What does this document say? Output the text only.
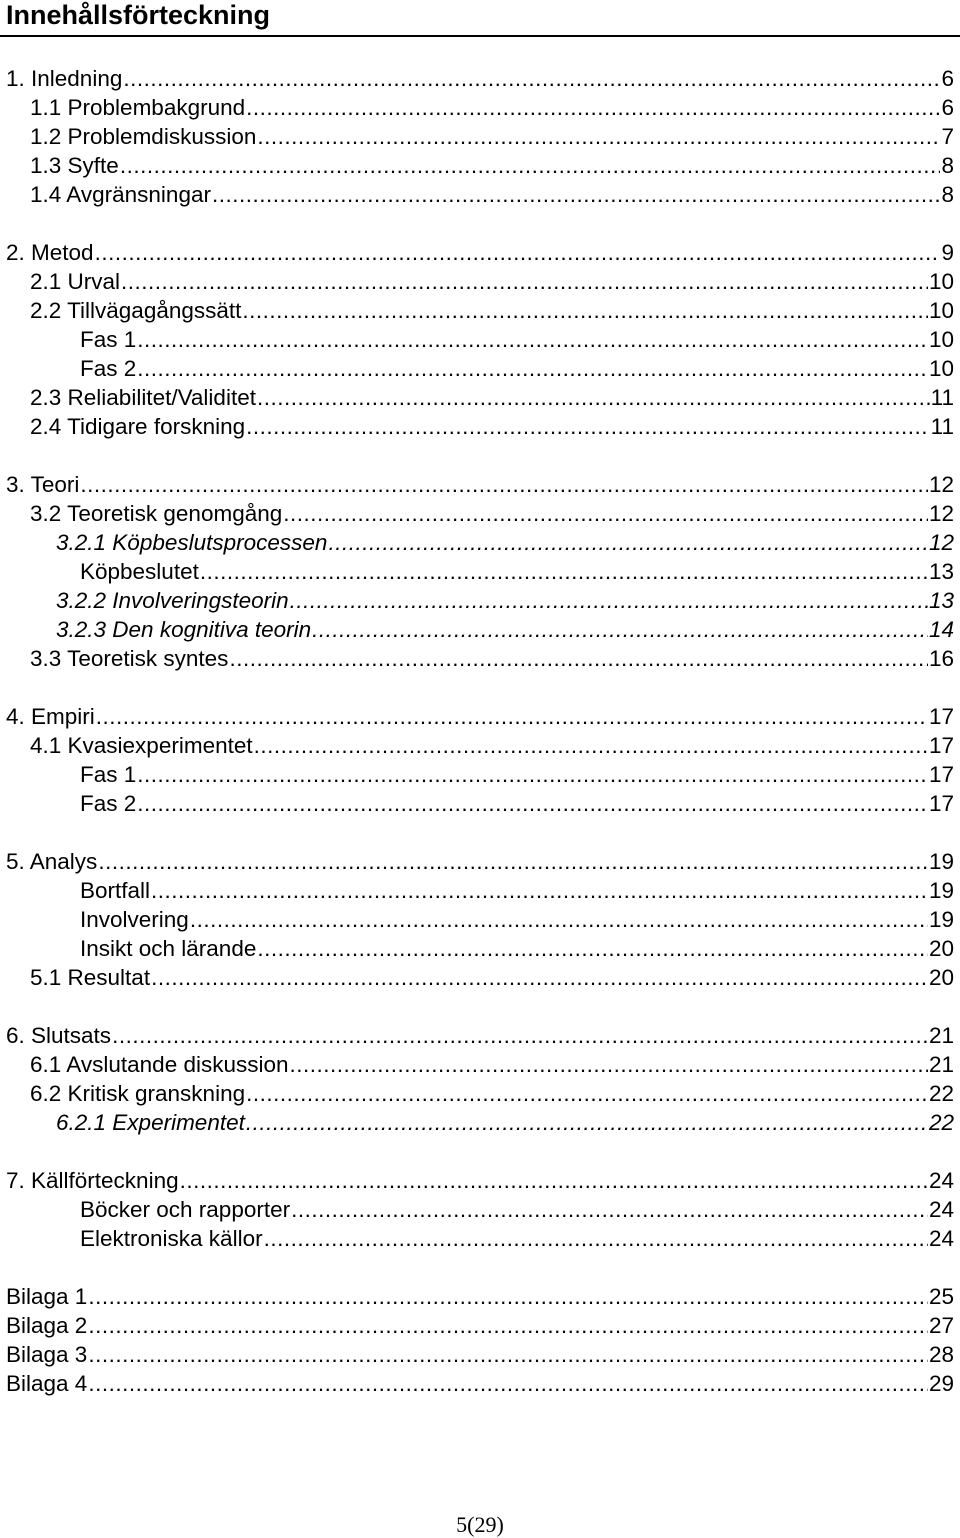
Innehållsförteckning
1. Inledning .....	6
1.1 Problembakgrund .....	6
1.2 Problemdiskussion .....	7
1.3 Syfte .....	8
1.4 Avgränsningar .....	8
2. Metod .....	9
2.1 Urval .....	10
2.2 Tillvägagångssätt .....	10
Fas 1 .....	10
Fas 2 .....	10
2.3 Reliabilitet/Validitet .....	11
2.4 Tidigare forskning .....	11
3. Teori .....	12
3.2 Teoretisk genomgång .....	12
3.2.1 Köpbeslutsprocessen .....	12
Köpbeslutet .....	13
3.2.2 Involveringsteorin .....	13
3.2.3 Den kognitiva teorin .....	14
3.3 Teoretisk syntes .....	16
4. Empiri .....	17
4.1 Kvasiexperimentet .....	17
Fas 1 .....	17
Fas 2 .....	17
5. Analys .....	19
Bortfall .....	19
Involvering .....	19
Insikt och lärande .....	20
5.1 Resultat .....	20
6. Slutsats .....	21
6.1 Avslutande diskussion .....	21
6.2 Kritisk granskning .....	22
6.2.1 Experimentet .....	22
7. Källförteckning .....	24
Böcker och rapporter .....	24
Elektroniska källor .....	24
Bilaga 1 .....	25
Bilaga 2 .....	27
Bilaga 3 .....	28
Bilaga 4 .....	29
5(29)
